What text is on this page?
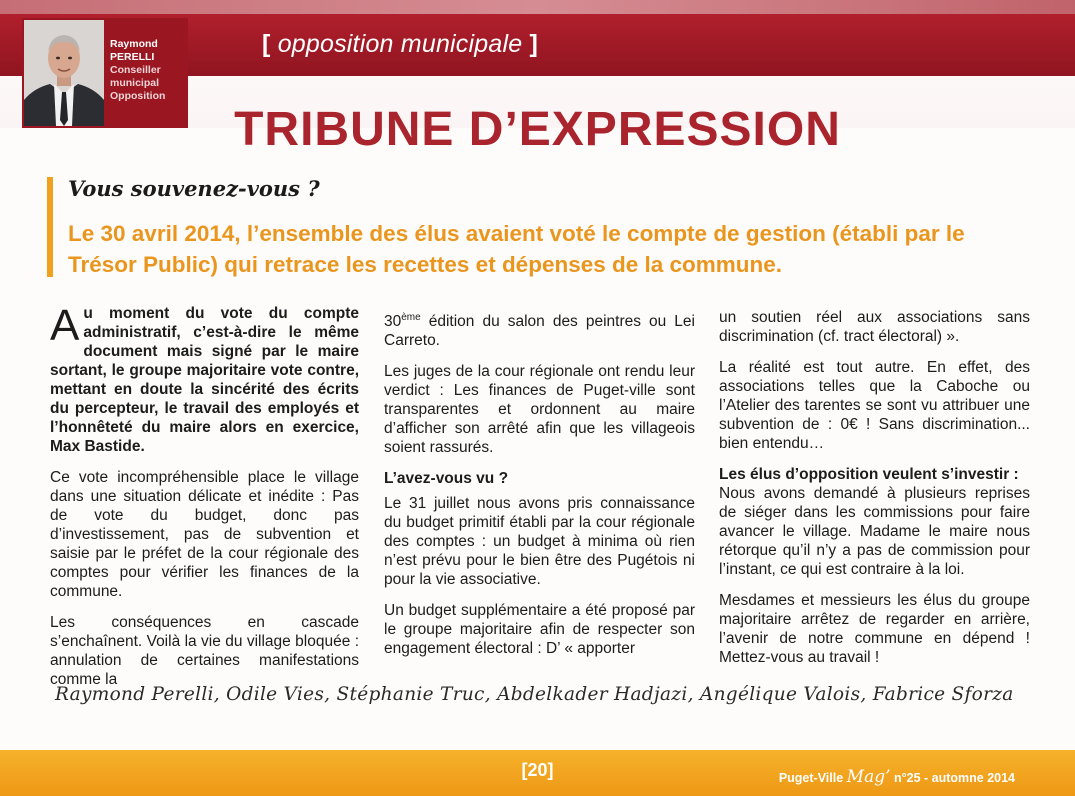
Raymond
PERELLI
Conseiller
municipal
Opposition
[ opposition municipale ]
TRIBUNE D’EXPRESSION
Vous souvenez-vous ?
Le 30 avril 2014, l’ensemble des élus avaient voté le compte de gestion (établi par le Trésor Public) qui retrace les recettes et dépenses de la commune.

Au moment du vote du compte administratif, c’est-à-dire le même document mais signé par le maire sortant, le groupe majoritaire vote contre, mettant en doute la sincérité des écrits du percepteur, le travail des employés et l’honnêteté du maire alors en exercice, Max Bastide.

Ce vote incompréhensible place le village dans une situation délicate et inédite : Pas de vote du budget, donc pas d’investissement, pas de subvention et saisie par le préfet de la cour régionale des comptes pour vérifier les finances de la commune.

Les conséquences en cascade s’enchaînent. Voilà la vie du village bloquée : annulation de certaines manifestations comme la

30ème édition du salon des peintres ou Lei Carreto.

Les juges de la cour régionale ont rendu leur verdict : Les finances de Puget-ville sont transparentes et ordonnent au maire d’afficher son arrêté afin que les villageois soient rassurés.

L’avez-vous vu ?

Le 31 juillet nous avons pris connaissance du budget primitif établi par la cour régionale des comptes : un budget à minima où rien n’est prévu pour le bien être des Pugétois ni pour la vie associative.

Un budget supplémentaire a été proposé par le groupe majoritaire afin de respecter son engagement électoral : D’ « apporter

un soutien réel aux associations sans discrimination (cf. tract électoral) ».

La réalité est tout autre. En effet, des associations telles que la Caboche ou l’Atelier des tarentes se sont vu attribuer une subvention de : 0€ ! Sans discrimination... bien entendu…

Les élus d’opposition veulent s’investir :

Nous avons demandé à plusieurs reprises de siéger dans les commissions pour faire avancer le village. Madame le maire nous rétorque qu’il n’y a pas de commission pour l’instant, ce qui est contraire à la loi.

Mesdames et messieurs les élus du groupe majoritaire arrêtez de regarder en arrière, l’avenir de notre commune en dépend ! Mettez-vous au travail !

Raymond Perelli, Odile Vies, Stéphanie Truc, Abdelkader Hadjazi, Angélique Valois, Fabrice Sforza
[20]	Puget-Ville Mag’ n°25 - automne 2014
